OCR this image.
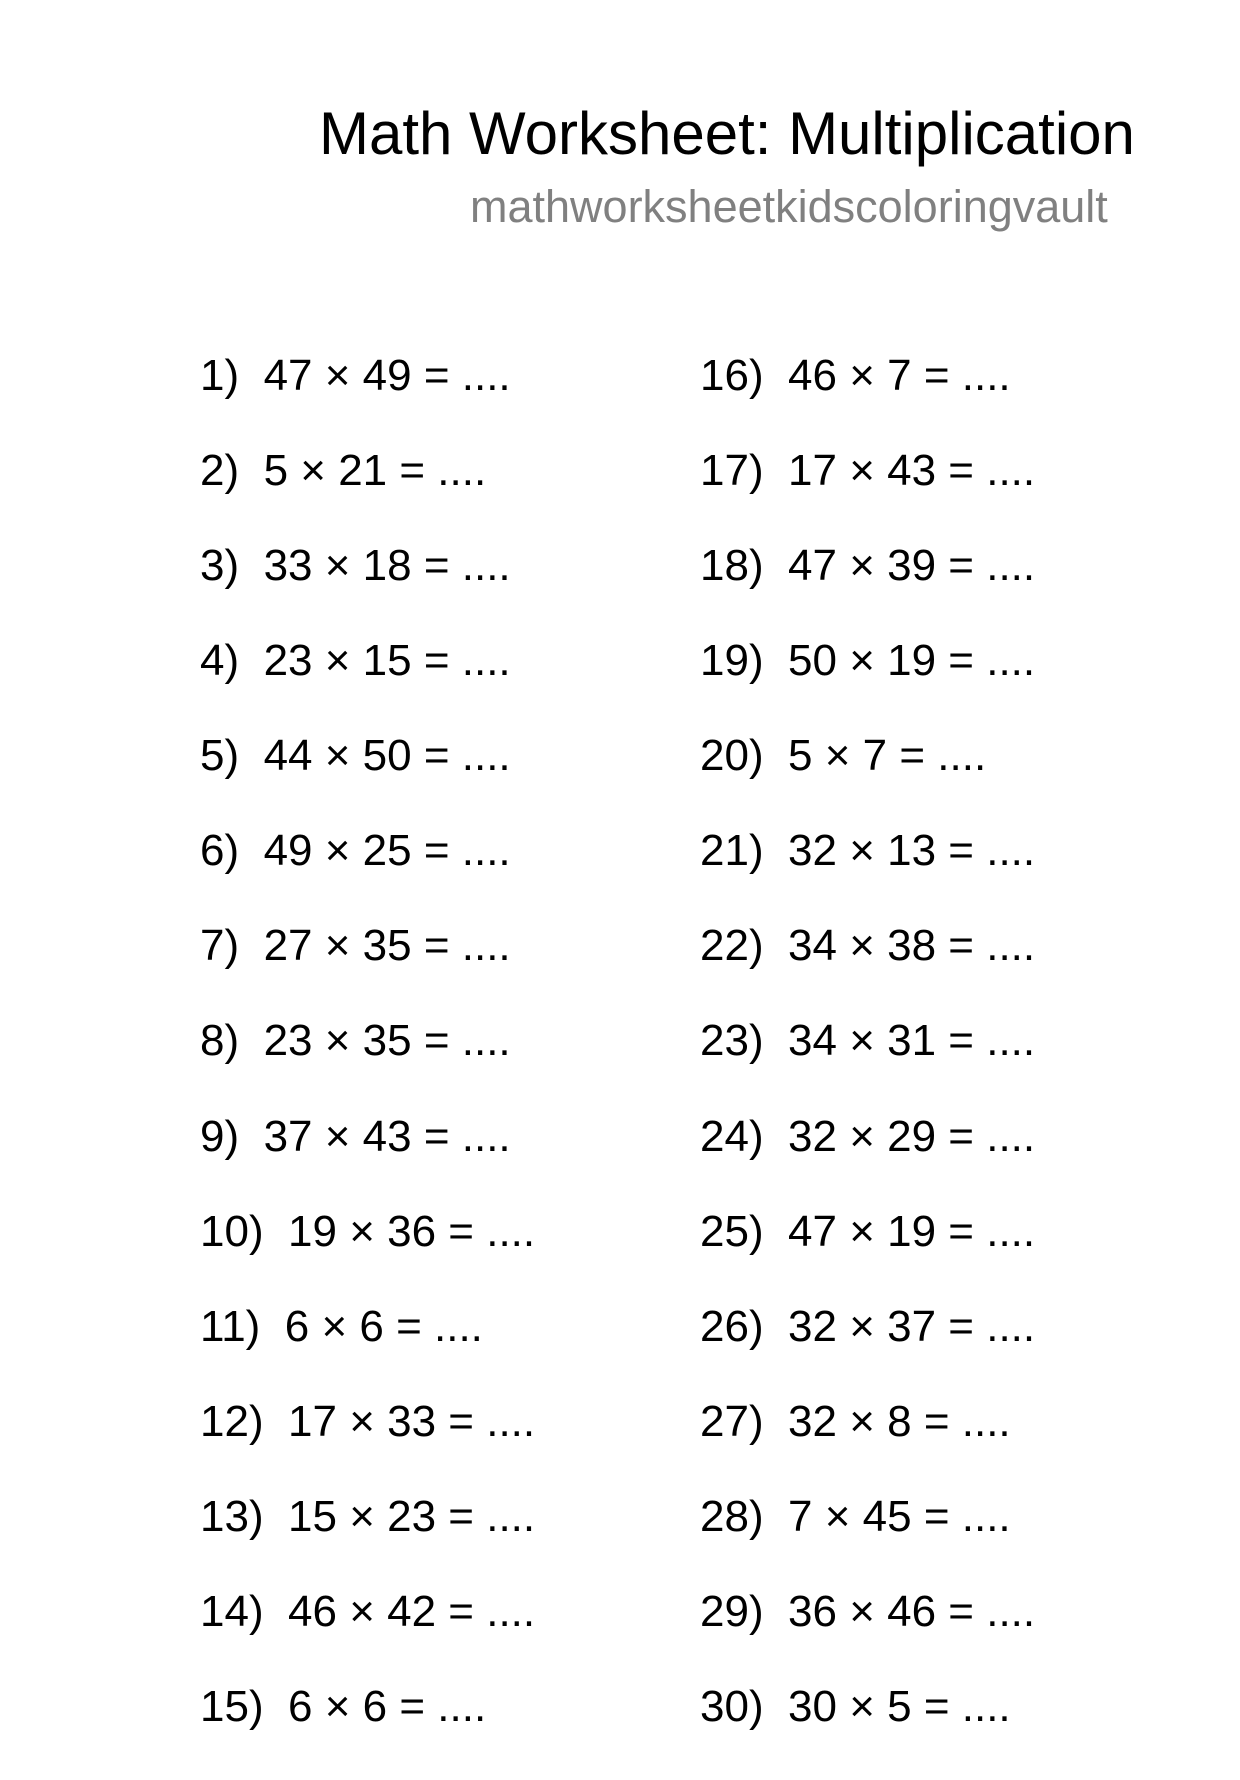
Math Worksheet: Multiplication
mathworksheetkidscoloringvault
1)  47 × 49 = ....
2)  5 × 21 = ....
3)  33 × 18 = ....
4)  23 × 15 = ....
5)  44 × 50 = ....
6)  49 × 25 = ....
7)  27 × 35 = ....
8)  23 × 35 = ....
9)  37 × 43 = ....
10)  19 × 36 = ....
11)  6 × 6 = ....
12)  17 × 33 = ....
13)  15 × 23 = ....
14)  46 × 42 = ....
15)  6 × 6 = ....
16)  46 × 7 = ....
17)  17 × 43 = ....
18)  47 × 39 = ....
19)  50 × 19 = ....
20)  5 × 7 = ....
21)  32 × 13 = ....
22)  34 × 38 = ....
23)  34 × 31 = ....
24)  32 × 29 = ....
25)  47 × 19 = ....
26)  32 × 37 = ....
27)  32 × 8 = ....
28)  7 × 45 = ....
29)  36 × 46 = ....
30)  30 × 5 = ....
